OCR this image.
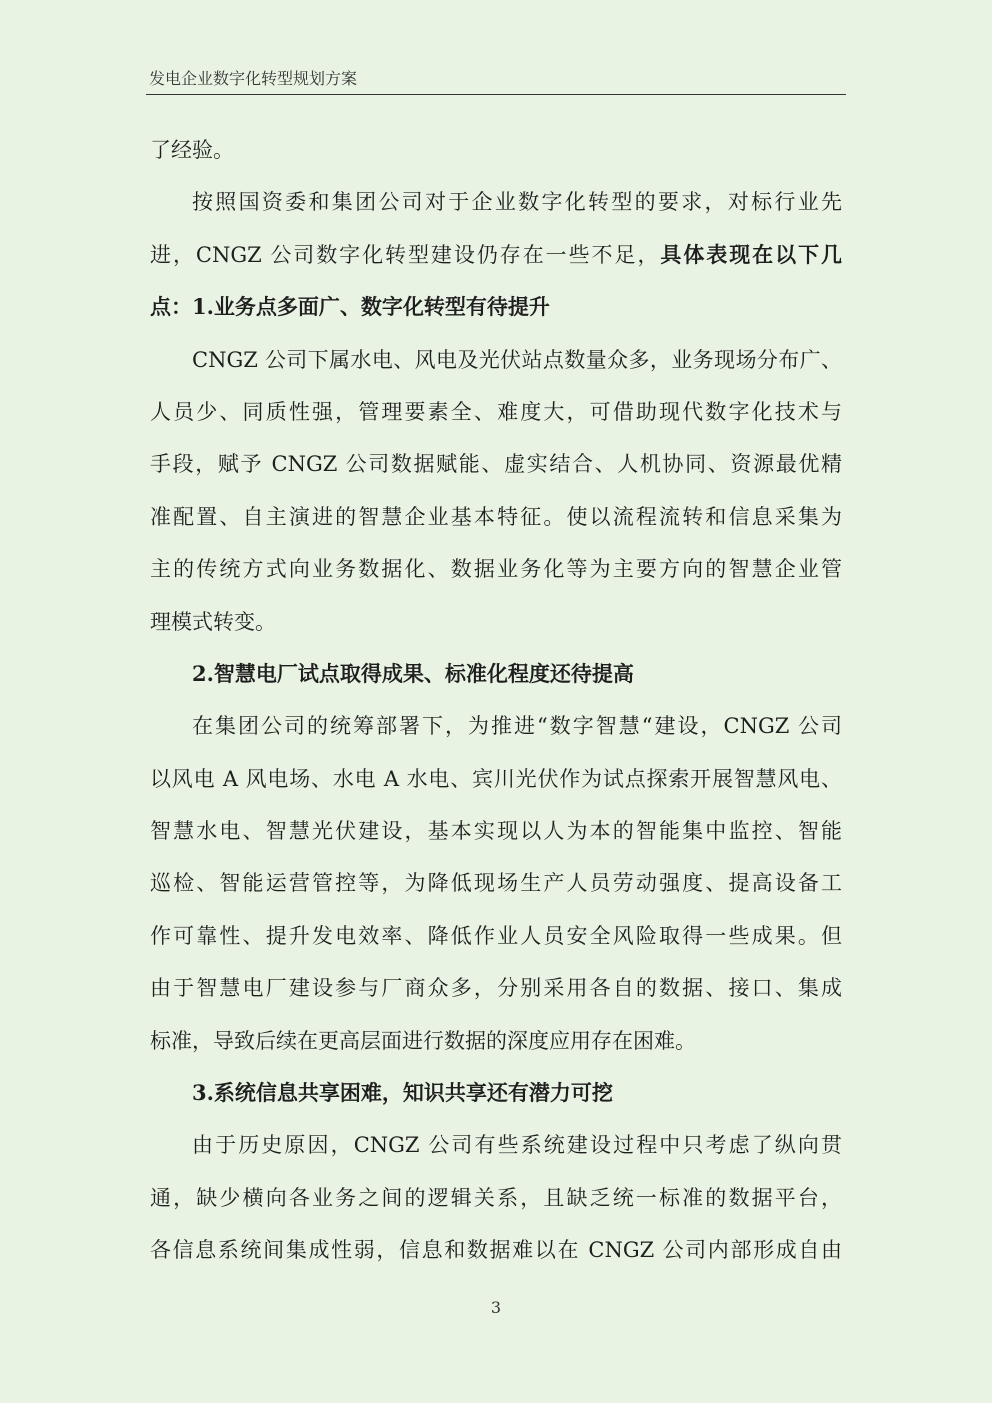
发电企业数字化转型规划方案
了经验。
按照国资委和集团公司对于企业数字化转型的要求，对标行业先
进，CNGZ 公司数字化转型建设仍存在一些不足，具体表现在以下几
点：1.业务点多面广、数字化转型有待提升
CNGZ 公司下属水电、风电及光伏站点数量众多，业务现场分布广、
人员少、同质性强，管理要素全、难度大，可借助现代数字化技术与
手段，赋予 CNGZ 公司数据赋能、虚实结合、人机协同、资源最优精
准配置、自主演进的智慧企业基本特征。使以流程流转和信息采集为
主的传统方式向业务数据化、数据业务化等为主要方向的智慧企业管
理模式转变。
2.智慧电厂试点取得成果、标准化程度还待提高
在集团公司的统筹部署下，为推进“数字智慧“建设，CNGZ 公司
以风电 A 风电场、水电 A 水电、宾川光伏作为试点探索开展智慧风电、
智慧水电、智慧光伏建设，基本实现以人为本的智能集中监控、智能
巡检、智能运营管控等，为降低现场生产人员劳动强度、提高设备工
作可靠性、提升发电效率、降低作业人员安全风险取得一些成果。但
由于智慧电厂建设参与厂商众多，分别采用各自的数据、接口、集成
标准，导致后续在更高层面进行数据的深度应用存在困难。
3.系统信息共享困难，知识共享还有潜力可挖
由于历史原因，CNGZ 公司有些系统建设过程中只考虑了纵向贯
通，缺少横向各业务之间的逻辑关系，且缺乏统一标准的数据平台，
各信息系统间集成性弱，信息和数据难以在 CNGZ 公司内部形成自由
3
